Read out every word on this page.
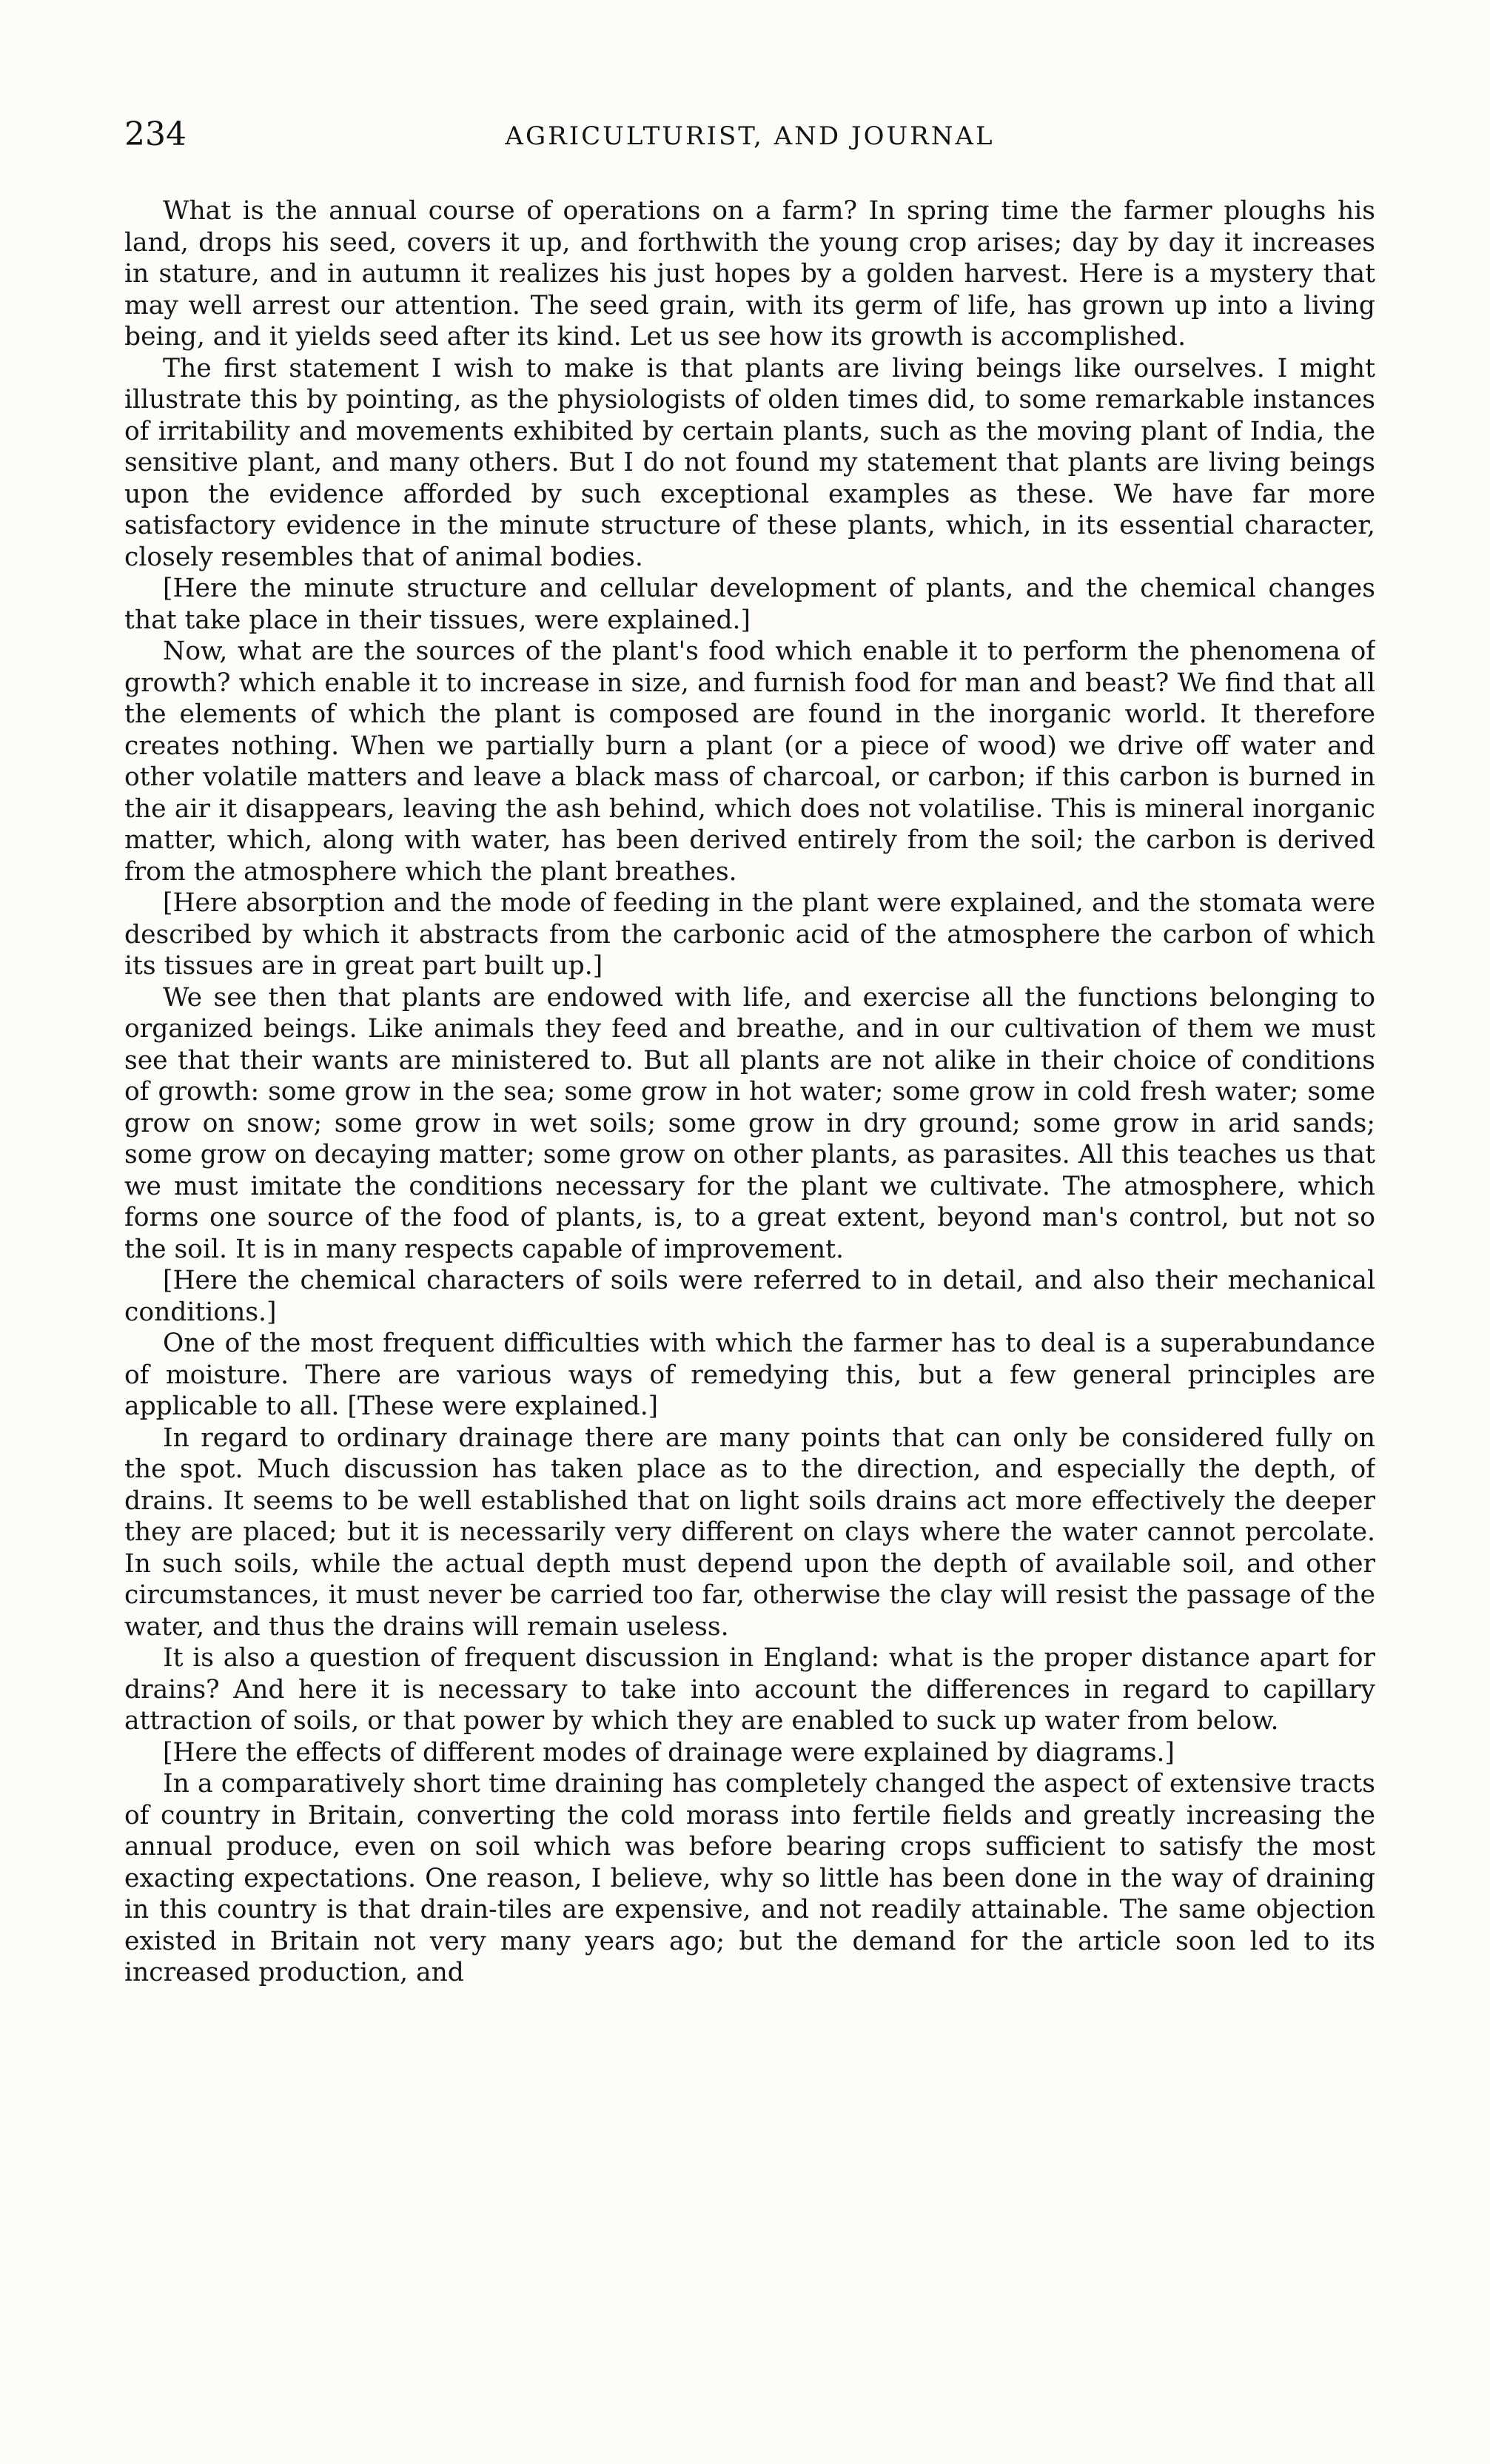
234	AGRICULTURIST, AND JOURNAL

What is the annual course of operations on a farm? In spring time the farmer ploughs his land, drops his seed, covers it up, and forthwith the young crop arises; day by day it increases in stature, and in autumn it realizes his just hopes by a golden harvest. Here is a mystery that may well arrest our attention. The seed grain, with its germ of life, has grown up into a living being, and it yields seed after its kind. Let us see how its growth is accomplished.

The first statement I wish to make is that plants are living beings like ourselves. I might illustrate this by pointing, as the physiologists of olden times did, to some remarkable instances of irritability and movements exhibited by certain plants, such as the moving plant of India, the sensitive plant, and many others. But I do not found my statement that plants are living beings upon the evidence afforded by such exceptional examples as these. We have far more satisfactory evidence in the minute structure of these plants, which, in its essential character, closely resembles that of animal bodies.

[Here the minute structure and cellular development of plants, and the chemical changes that take place in their tissues, were explained.]

Now, what are the sources of the plant's food which enable it to perform the phenomena of growth? which enable it to increase in size, and furnish food for man and beast? We find that all the elements of which the plant is composed are found in the inorganic world. It therefore creates nothing. When we partially burn a plant (or a piece of wood) we drive off water and other volatile matters and leave a black mass of charcoal, or carbon; if this carbon is burned in the air it disappears, leaving the ash behind, which does not volatilise. This is mineral inorganic matter, which, along with water, has been derived entirely from the soil; the carbon is derived from the atmosphere which the plant breathes.

[Here absorption and the mode of feeding in the plant were explained, and the stomata were described by which it abstracts from the carbonic acid of the atmosphere the carbon of which its tissues are in great part built up.]

We see then that plants are endowed with life, and exercise all the functions belonging to organized beings. Like animals they feed and breathe, and in our cultivation of them we must see that their wants are ministered to. But all plants are not alike in their choice of conditions of growth: some grow in the sea; some grow in hot water; some grow in cold fresh water; some grow on snow; some grow in wet soils; some grow in dry ground; some grow in arid sands; some grow on decaying matter; some grow on other plants, as parasites. All this teaches us that we must imitate the conditions necessary for the plant we cultivate. The atmosphere, which forms one source of the food of plants, is, to a great extent, beyond man's control, but not so the soil. It is in many respects capable of improvement.

[Here the chemical characters of soils were referred to in detail, and also their mechanical conditions.]

One of the most frequent difficulties with which the farmer has to deal is a superabundance of moisture. There are various ways of remedying this, but a few general principles are applicable to all. [These were explained.]

In regard to ordinary drainage there are many points that can only be considered fully on the spot. Much discussion has taken place as to the direction, and especially the depth, of drains. It seems to be well established that on light soils drains act more effectively the deeper they are placed; but it is necessarily very different on clays where the water cannot percolate. In such soils, while the actual depth must depend upon the depth of available soil, and other circumstances, it must never be carried too far, otherwise the clay will resist the passage of the water, and thus the drains will remain useless.

It is also a question of frequent discussion in England: what is the proper distance apart for drains? And here it is necessary to take into account the differences in regard to capillary attraction of soils, or that power by which they are enabled to suck up water from below.

[Here the effects of different modes of drainage were explained by diagrams.]

In a comparatively short time draining has completely changed the aspect of extensive tracts of country in Britain, converting the cold morass into fertile fields and greatly increasing the annual produce, even on soil which was before bearing crops sufficient to satisfy the most exacting expectations. One reason, I believe, why so little has been done in the way of draining in this country is that drain-tiles are expensive, and not readily attainable. The same objection existed in Britain not very many years ago; but the demand for the article soon led to its increased production, and
